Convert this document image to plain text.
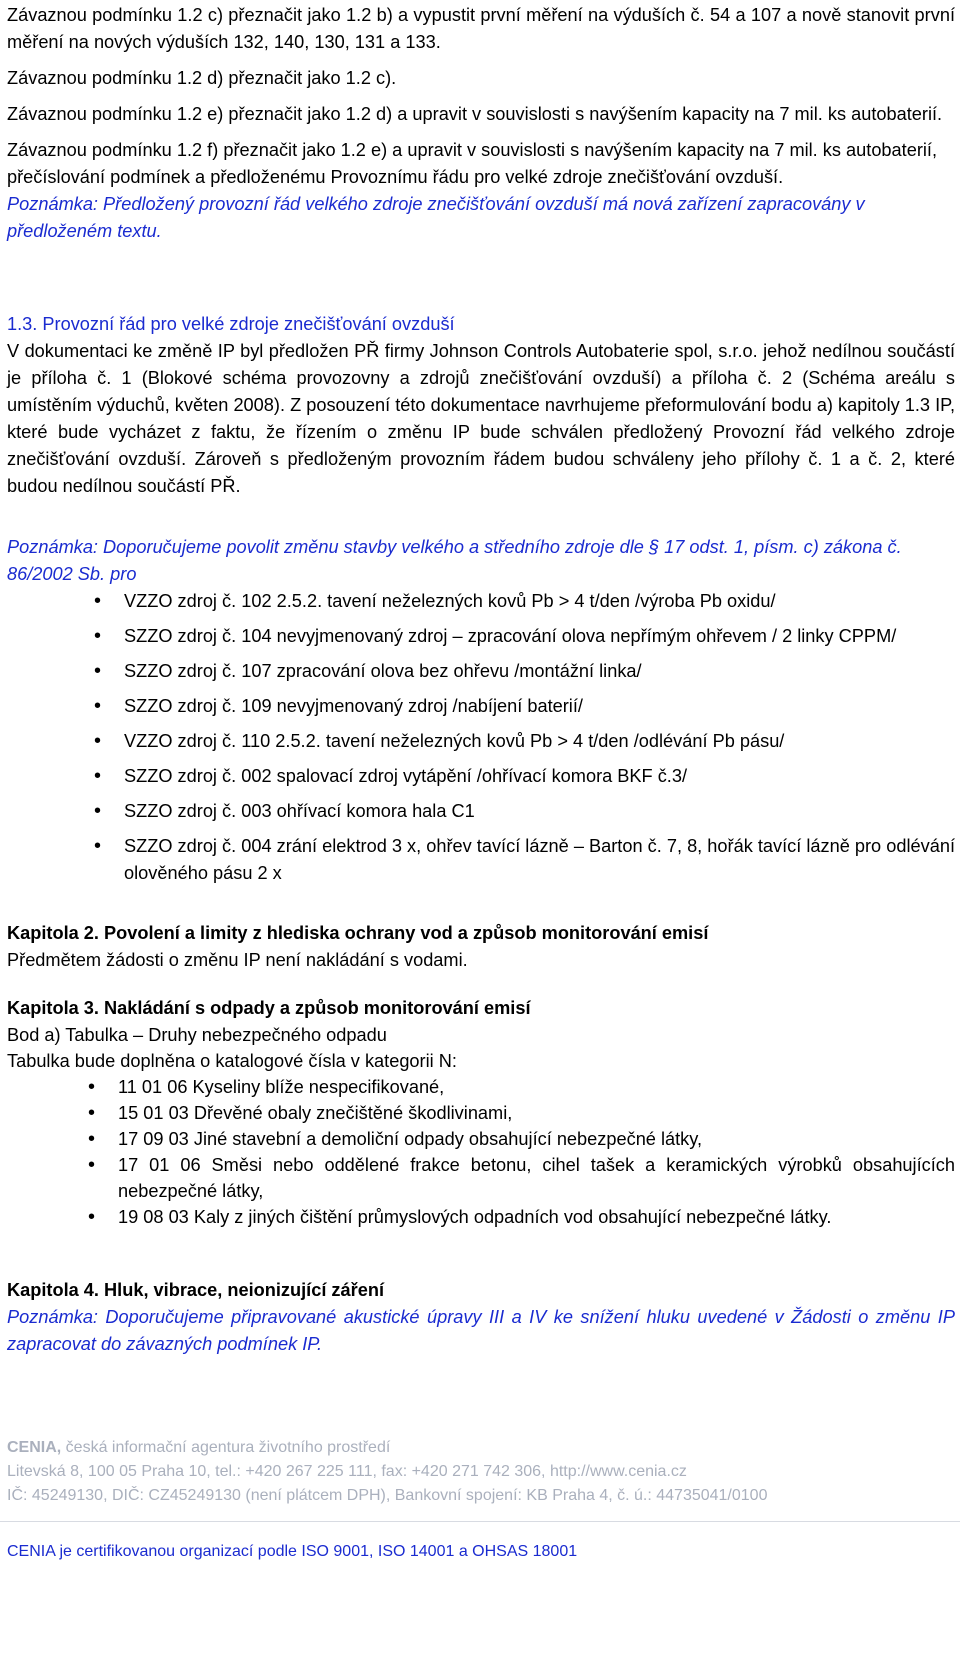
Závaznou podmínku 1.2 c) přeznačit jako 1.2 b) a vypustit první měření na výduších č. 54 a 107 a nově stanovit první měření na nových výduších 132, 140, 130, 131 a 133.

Závaznou podmínku 1.2 d) přeznačit jako 1.2 c).

Závaznou podmínku 1.2 e) přeznačit jako 1.2 d) a upravit v souvislosti s navýšením kapacity na 7 mil. ks autobaterií.

Závaznou podmínku 1.2 f) přeznačit jako 1.2 e) a upravit v souvislosti s navýšením kapacity na 7 mil. ks autobaterií, přečíslování podmínek a předloženému Provoznímu řádu pro velké zdroje znečišťování ovzduší.

Poznámka: Předložený provozní řád velkého zdroje znečišťování ovzduší má nová zařízení zapracovány v předloženém textu.

1.3. Provozní řád pro velké zdroje znečišťování ovzduší

V dokumentaci ke změně IP byl předložen PŘ firmy Johnson Controls Autobaterie spol, s.r.o. jehož nedílnou součástí je příloha č. 1 (Blokové schéma provozovny a zdrojů znečišťování ovzduší) a příloha č. 2 (Schéma areálu s umístěním výduchů, květen 2008). Z posouzení této dokumentace navrhujeme přeformulování bodu a) kapitoly 1.3 IP, které bude vycházet z faktu, že řízením o změnu IP bude schválen předložený Provozní řád velkého zdroje znečišťování ovzduší. Zároveň s předloženým provozním řádem budou schváleny jeho přílohy č. 1 a č. 2, které budou nedílnou součástí PŘ.

Poznámka: Doporučujeme povolit změnu stavby velkého a středního zdroje dle § 17 odst. 1, písm. c) zákona č. 86/2002 Sb. pro

•
VZZO zdroj č. 102 2.5.2. tavení neželezných kovů Pb > 4 t/den /výroba Pb oxidu/
•
SZZO zdroj č. 104 nevyjmenovaný zdroj – zpracování olova nepřímým ohřevem / 2 linky CPPM/
•
SZZO zdroj č. 107 zpracování olova bez ohřevu /montážní linka/
•
SZZO zdroj č. 109 nevyjmenovaný zdroj /nabíjení baterií/
•
VZZO zdroj č. 110 2.5.2. tavení neželezných kovů Pb > 4 t/den /odlévání Pb pásu/
•
SZZO zdroj č. 002 spalovací zdroj vytápění /ohřívací komora BKF č.3/
•
SZZO zdroj č. 003 ohřívací komora hala C1
•
SZZO zdroj č. 004 zrání elektrod 3 x, ohřev tavící lázně – Barton č. 7, 8, hořák tavící lázně pro odlévání olověného pásu 2 x

Kapitola 2. Povolení a limity z hlediska ochrany vod a způsob monitorování emisí

Předmětem žádosti o změnu IP není nakládání s vodami.

Kapitola 3. Nakládání s odpady a způsob monitorování emisí

Bod a) Tabulka – Druhy nebezpečného odpadu

Tabulka bude doplněna o katalogové čísla v kategorii N:

•
11 01 06 Kyseliny blíže nespecifikované,
•
15 01 03 Dřevěné obaly znečištěné škodlivinami,
•
17 09 03 Jiné stavební a demoliční odpady obsahující nebezpečné látky,
•
17 01 06 Směsi nebo oddělené frakce betonu, cihel tašek a keramických výrobků obsahujících nebezpečné látky,
•
19 08 03 Kaly z jiných čištění průmyslových odpadních vod obsahující nebezpečné látky.

Kapitola 4. Hluk, vibrace, neionizující záření

Poznámka: Doporučujeme připravované akustické úpravy III a IV ke snížení hluku uvedené v Žádosti o změnu IP zapracovat do závazných podmínek IP.

CENIA, česká informační agentura životního prostředí

Litevská 8, 100 05 Praha 10, tel.: +420 267 225 111, fax: +420 271 742 306, http://www.cenia.cz

IČ: 45249130, DIČ: CZ45249130 (není plátcem DPH), Bankovní spojení: KB Praha 4, č. ú.: 44735041/0100

CENIA je certifikovanou organizací podle ISO 9001, ISO 14001 a OHSAS 18001
